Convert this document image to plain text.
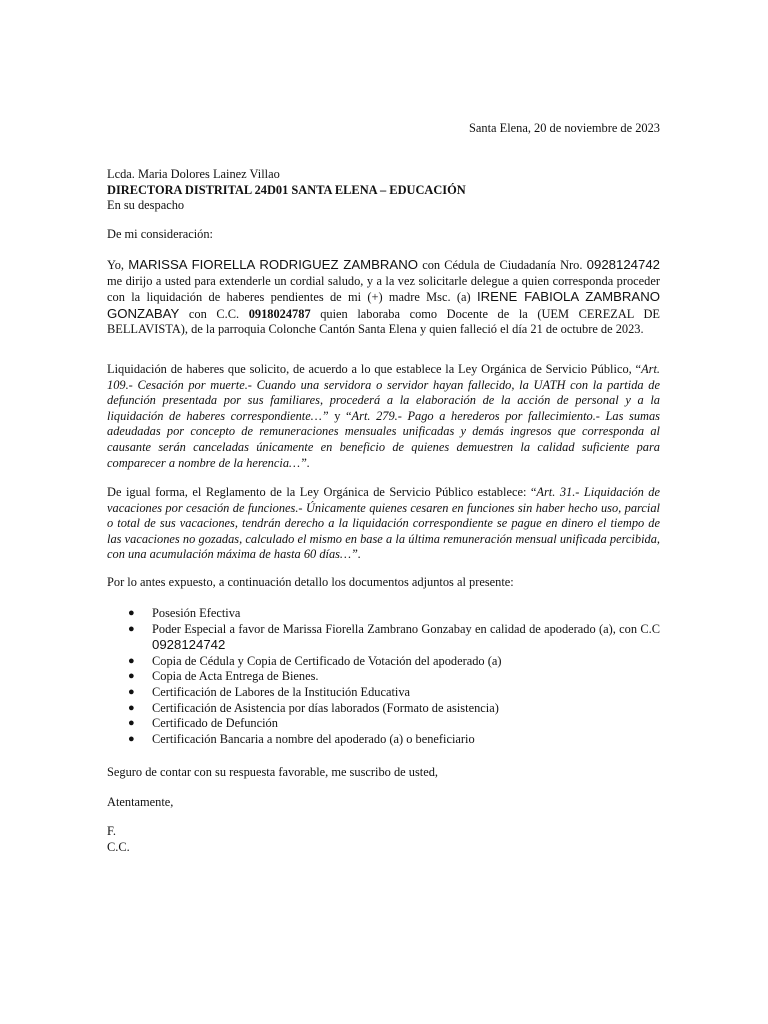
Santa Elena, 20 de noviembre de 2023

Lcda. Maria Dolores Lainez Villao

DIRECTORA DISTRITAL 24D01 SANTA ELENA – EDUCACIÓN

En su despacho

De mi consideración:

Yo, MARISSA FIORELLA RODRIGUEZ ZAMBRANO con Cédula de Ciudadanía Nro. 0928124742 me dirijo a usted para extenderle un cordial saludo, y a la vez solicitarle delegue a quien corresponda proceder con la liquidación de haberes pendientes de mi (+) madre Msc. (a) IRENE FABIOLA ZAMBRANO GONZABAY con C.C. 0918024787 quien laboraba como Docente de la (UEM CEREZAL DE BELLAVISTA), de la parroquia Colonche Cantón Santa Elena y quien falleció el día 21 de octubre de 2023.

Liquidación de haberes que solicito, de acuerdo a lo que establece la Ley Orgánica de Servicio Público, “Art. 109.- Cesación por muerte.- Cuando una servidora o servidor hayan fallecido, la UATH con la partida de defunción presentada por sus familiares, procederá a la elaboración de la acción de personal y a la liquidación de haberes correspondiente…” y “Art. 279.- Pago a herederos por fallecimiento.- Las sumas adeudadas por concepto de remuneraciones mensuales unificadas y demás ingresos que corresponda al causante serán canceladas únicamente en beneficio de quienes demuestren la calidad suficiente para comparecer a nombre de la herencia…”.

De igual forma, el Reglamento de la Ley Orgánica de Servicio Público establece: “Art. 31.- Liquidación de vacaciones por cesación de funciones.- Únicamente quienes cesaren en funciones sin haber hecho uso, parcial o total de sus vacaciones, tendrán derecho a la liquidación correspondiente se pague en dinero el tiempo de las vacaciones no gozadas, calculado el mismo en base a la última remuneración mensual unificada percibida, con una acumulación máxima de hasta 60 días…”.

Por lo antes expuesto, a continuación detallo los documentos adjuntos al presente:

● Posesión Efectiva
● Poder Especial a favor de Marissa Fiorella Zambrano Gonzabay en calidad de apoderado (a), con C.C 0928124742
● Copia de Cédula y Copia de Certificado de Votación del apoderado (a)
● Copia de Acta Entrega de Bienes.
● Certificación de Labores de la Institución Educativa
● Certificación de Asistencia por días laborados (Formato de asistencia)
● Certificado de Defunción
● Certificación Bancaria a nombre del apoderado (a) o beneficiario

Seguro de contar con su respuesta favorable, me suscribo de usted,

Atentamente,

F.

C.C.
